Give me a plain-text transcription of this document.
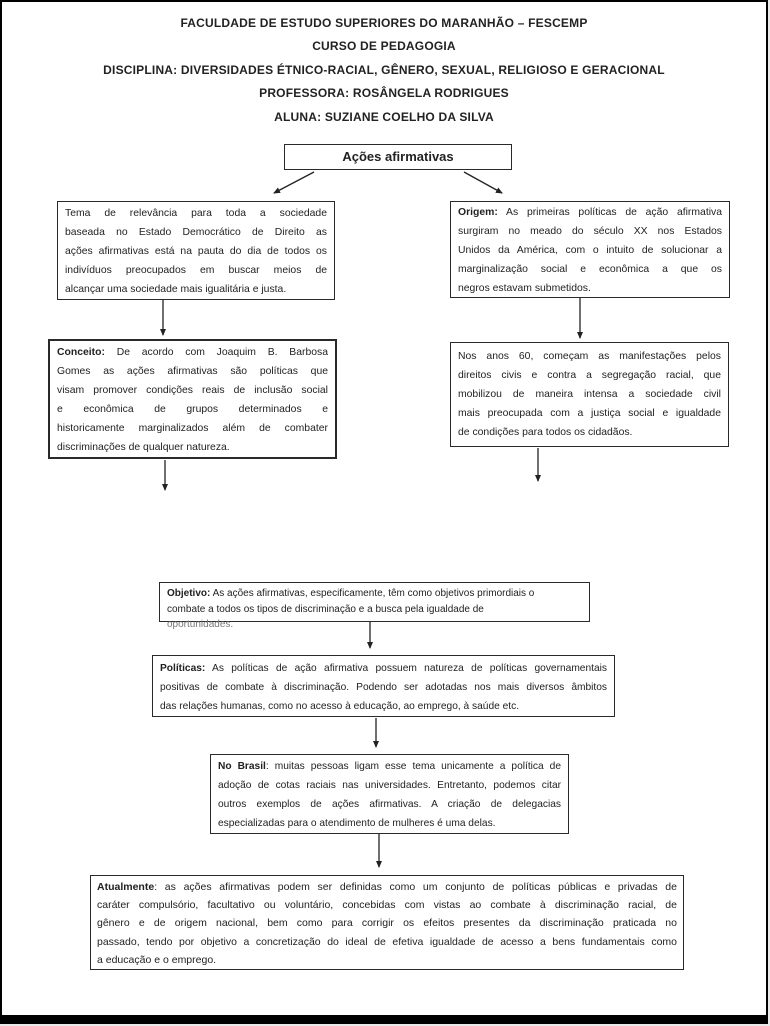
FACULDADE DE ESTUDO SUPERIORES DO MARANHÃO – FESCEMP
CURSO DE PEDAGOGIA
DISCIPLINA: DIVERSIDADES ÉTNICO-RACIAL, GÊNERO, SEXUAL, RELIGIOSO E GERACIONAL
PROFESSORA: ROSÂNGELA RODRIGUES
ALUNA: SUZIANE COELHO DA SILVA
Ações afirmativas
Tema de relevância para toda a sociedade
baseada no Estado Democrático de Direito as
ações afirmativas está na pauta do dia de todos os
indivíduos preocupados em buscar meios de
alcançar uma sociedade mais igualitária e justa.
Origem: As primeiras políticas de ação afirmativa
surgiram no meado do século XX nos Estados
Unidos da América, com o intuito de solucionar a
marginalização social e econômica a que os
negros estavam submetidos.
Conceito: De acordo com Joaquim B. Barbosa
Gomes as ações afirmativas são políticas que
visam promover condições reais de inclusão social
e econômica de grupos determinados e
historicamente marginalizados além de combater
discriminações de qualquer natureza.
Nos anos 60, começam as manifestações pelos
direitos civis e contra a segregação racial, que
mobilizou de maneira intensa a sociedade civil
mais preocupada com a justiça social e igualdade
de condições para todos os cidadãos.
Objetivo: As ações afirmativas, especificamente, têm como objetivos primordiais o
combate a todos os tipos de discriminação e a busca pela igualdade de
oportunidades.
Políticas: As políticas de ação afirmativa possuem natureza de políticas governamentais
positivas de combate à discriminação. Podendo ser adotadas nos mais diversos âmbitos
das relações humanas, como no acesso à educação, ao emprego, à saúde etc.
No Brasil: muitas pessoas ligam esse tema unicamente a política de
adoção de cotas raciais nas universidades. Entretanto, podemos citar
outros exemplos de ações afirmativas. A criação de delegacias
especializadas para o atendimento de mulheres é uma delas.
Atualmente: as ações afirmativas podem ser definidas como um conjunto de políticas públicas e privadas de
caráter compulsório, facultativo ou voluntário, concebidas com vistas ao combate à discriminação racial, de
gênero e de origem nacional, bem como para corrigir os efeitos presentes da discriminação praticada no
passado, tendo por objetivo a concretização do ideal de efetiva igualdade de acesso a bens fundamentais como
a educação e o emprego.
